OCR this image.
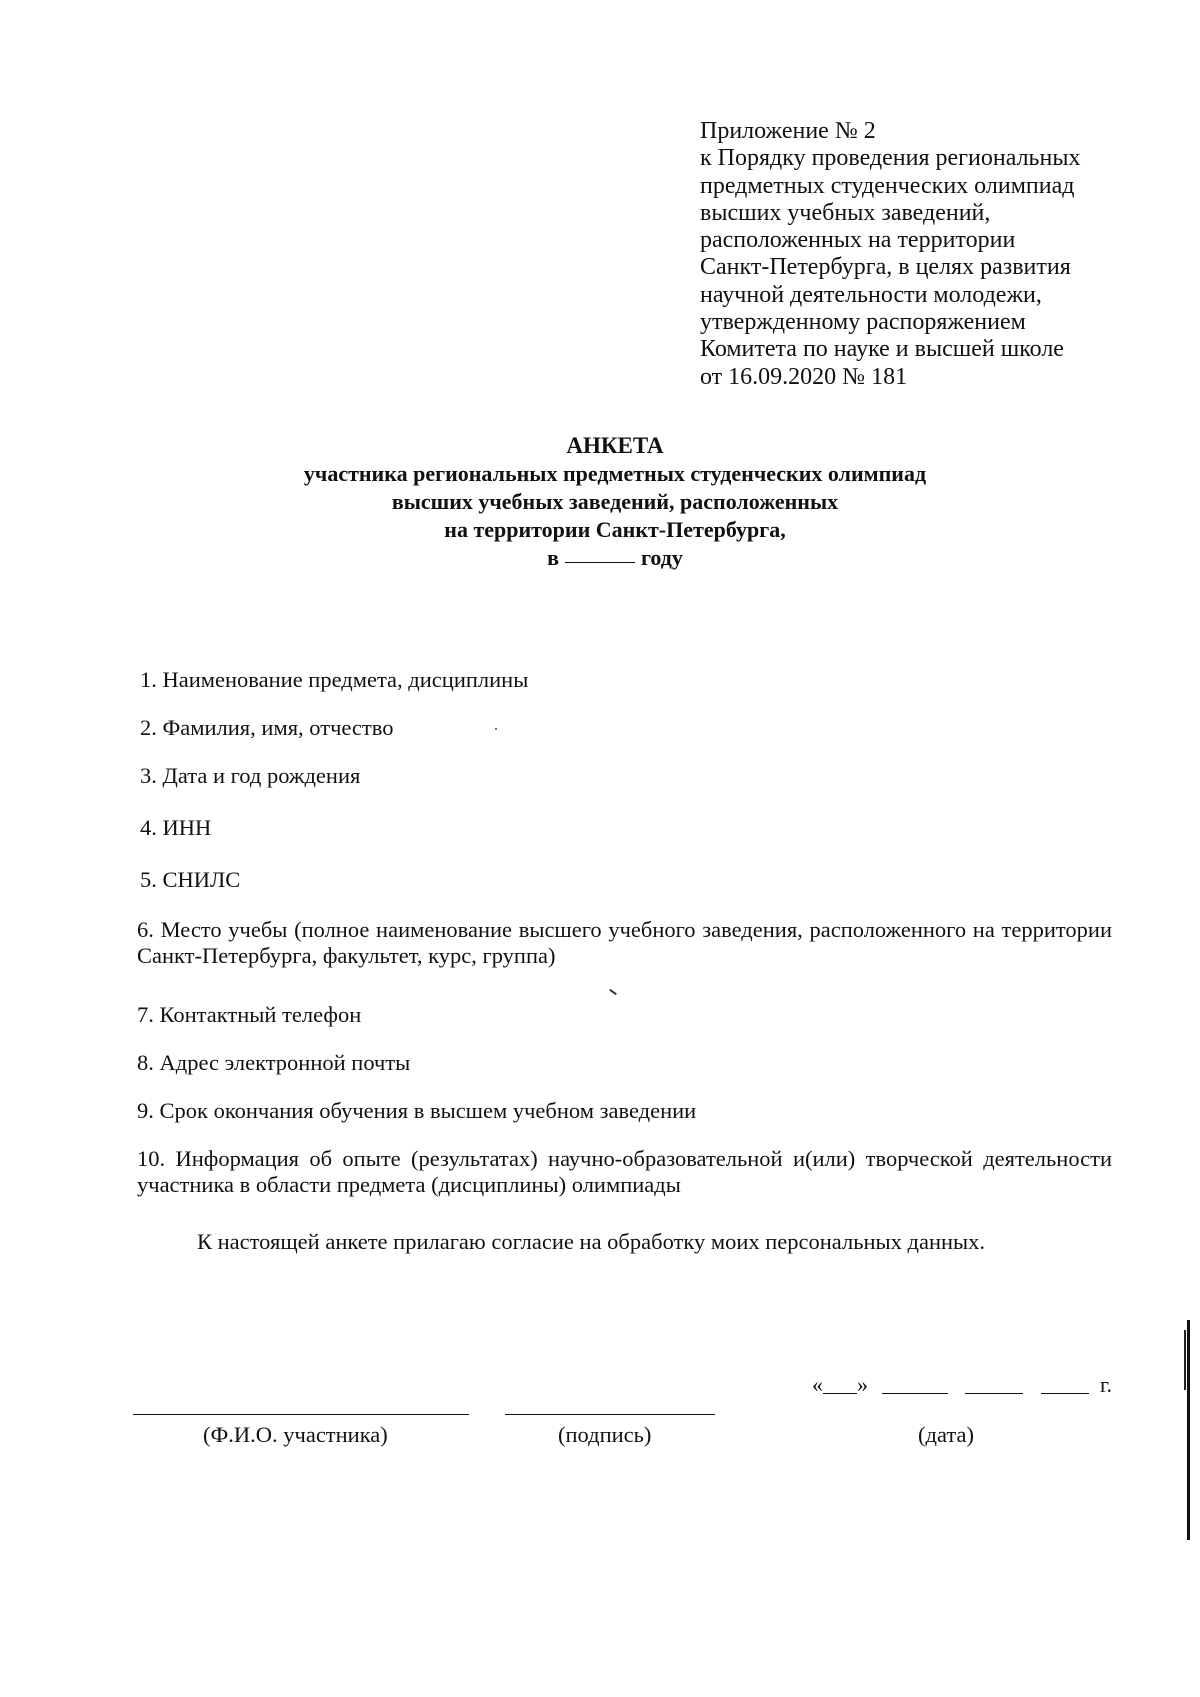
Приложение № 2
к Порядку проведения региональных
предметных студенческих олимпиад
высших учебных заведений,
расположенных на территории
Санкт-Петербурга, в целях развития
научной деятельности молодежи,
утвержденному распоряжением
Комитета по науке и высшей школе
от 16.09.2020 № 181
АНКЕТА
участника региональных предметных студенческих олимпиад
высших учебных заведений, расположенных
на территории Санкт-Петербурга,
в	году
1. Наименование предмета, дисциплины
2. Фамилия, имя, отчество
3. Дата и год рождения
4. ИНН
5. СНИЛС
6. Место учебы (полное наименование высшего учебного заведения, расположенного на территории Санкт-Петербурга, факультет, курс, группа)
7. Контактный телефон
8. Адрес электронной почты
9. Срок окончания обучения в высшем учебном заведении
10. Информация об опыте (результатах) научно-образовательной и(или) творческой деятельности участника в области предмета (дисциплины) олимпиады
К настоящей анкете прилагаю согласие на обработку моих персональных данных.
« »	г.
(Ф.И.О. участника)	(подпись)	(дата)
